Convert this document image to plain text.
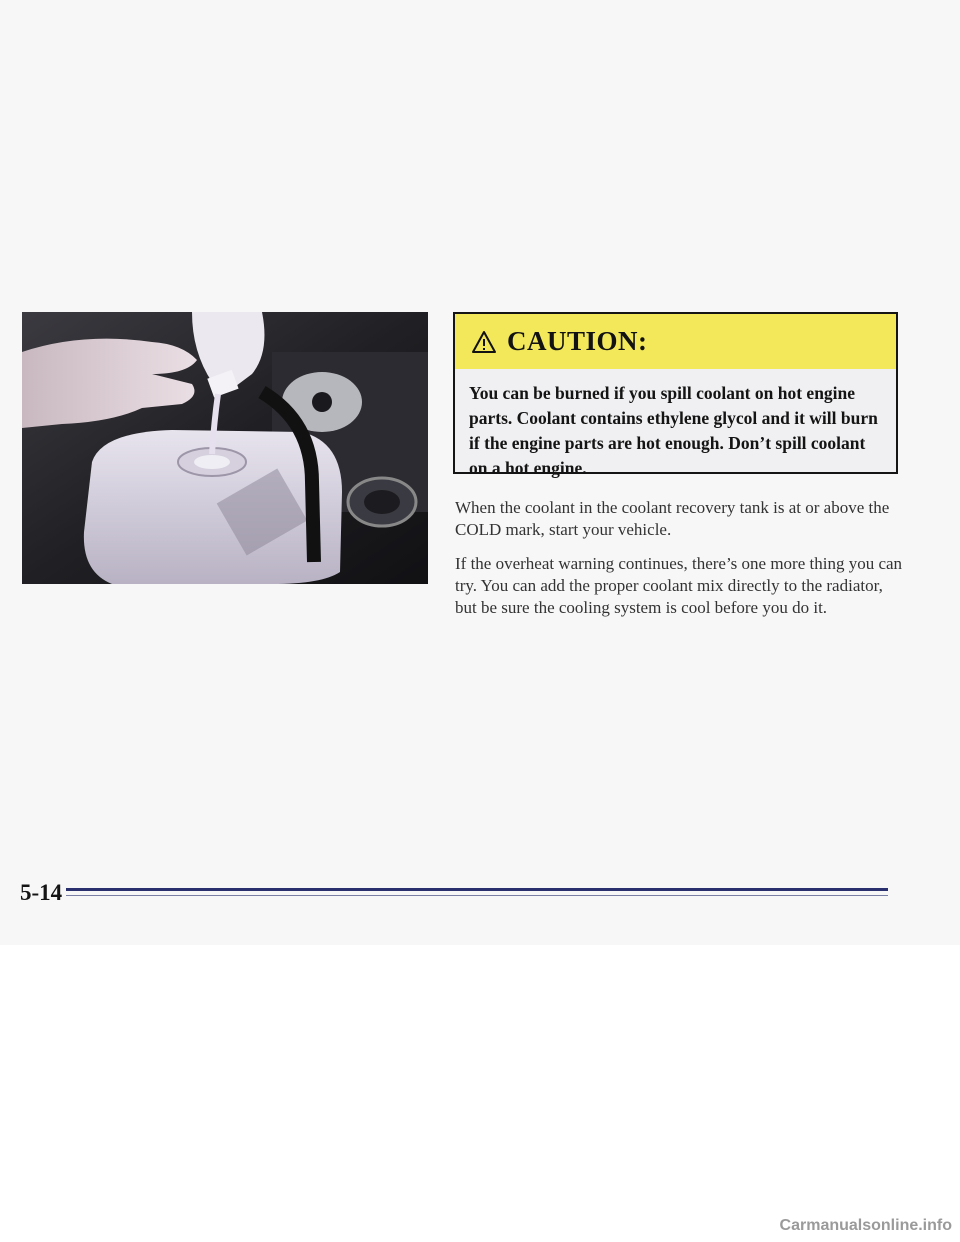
CAUTION:
You can be burned if you spill coolant on hot engine parts. Coolant contains ethylene glycol and it will burn if the engine parts are hot enough. Don’t spill coolant on a hot engine.

When the coolant in the coolant recovery tank is at or above the COLD mark, start your vehicle.

If the overheat warning continues, there’s one more thing you can try. You can add the proper coolant mix directly to the radiator, but be sure the cooling system is cool before you do it.

5-14
Carmanualsonline.info
